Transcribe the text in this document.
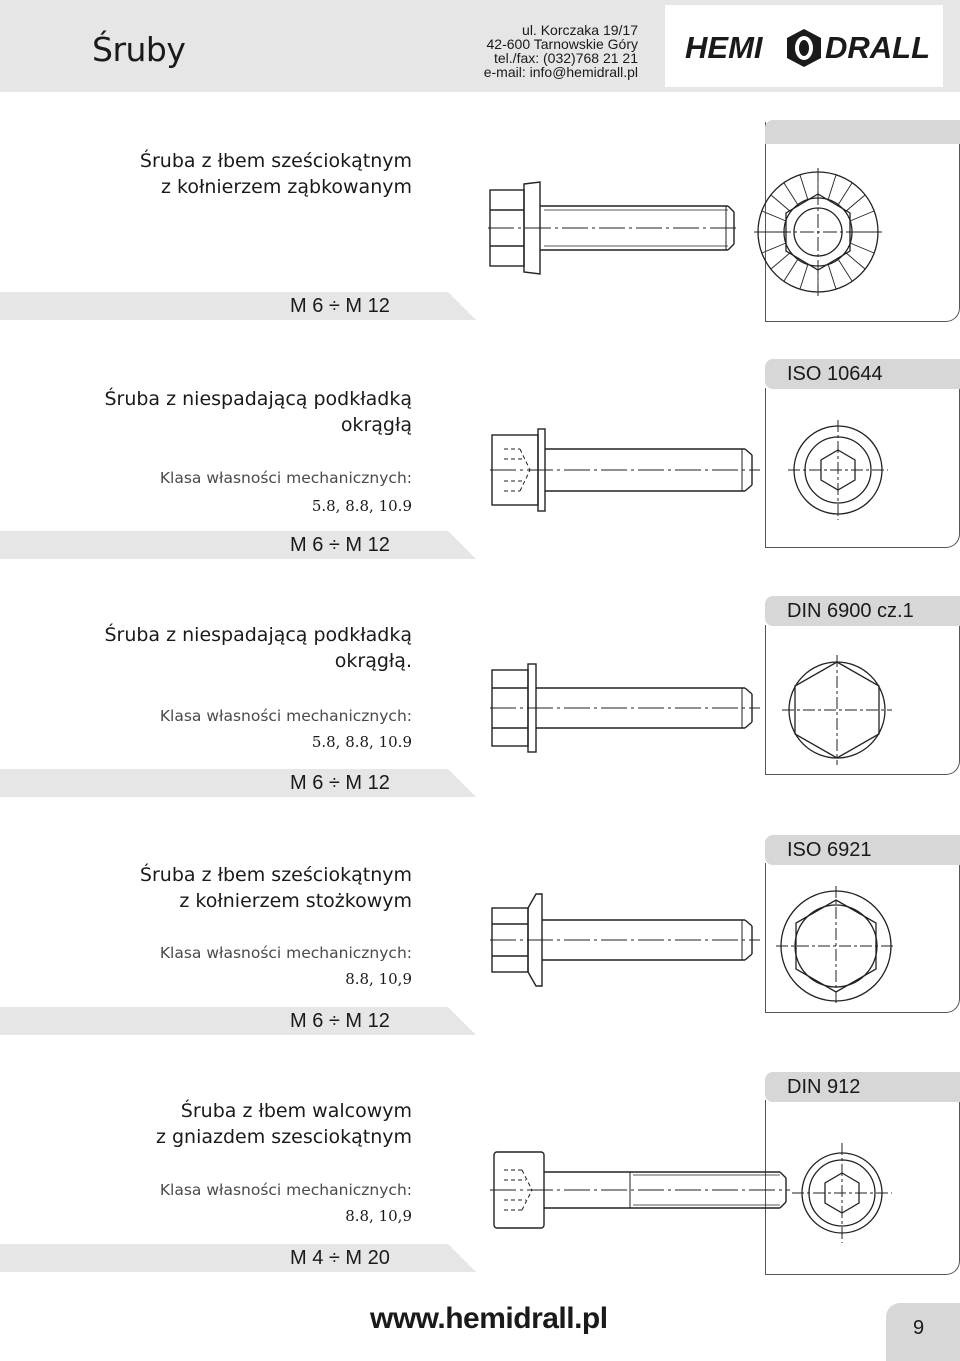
Śruby	ul. Korczaka 19/17
42-600 Tarnowskie Góry
tel./fax: (032)768 21 21
e-mail: info@hemidrall.pl
HEMI DRALL
Śruba z łbem sześciokątnym
z kołnierzem ząbkowanym
M 6 ÷ M 12
ISO 10644
Śruba z niespadającą podkładką
okrągłą
Klasa własności mechanicznych:
5.8, 8.8, 10.9
M 6 ÷ M 12
DIN 6900 cz.1
Śruba z niespadającą podkładką
okrągłą.
Klasa własności mechanicznych:
5.8, 8.8, 10.9
M 6 ÷ M 12
ISO 6921
Śruba z łbem sześciokątnym
z kołnierzem stożkowym
Klasa własności mechanicznych:
8.8, 10,9
M 6 ÷ M 12
DIN 912
Śruba z łbem walcowym
z gniazdem szesciokątnym
Klasa własności mechanicznych:
8.8, 10,9
M 4 ÷ M 20
www.hemidrall.pl	9
